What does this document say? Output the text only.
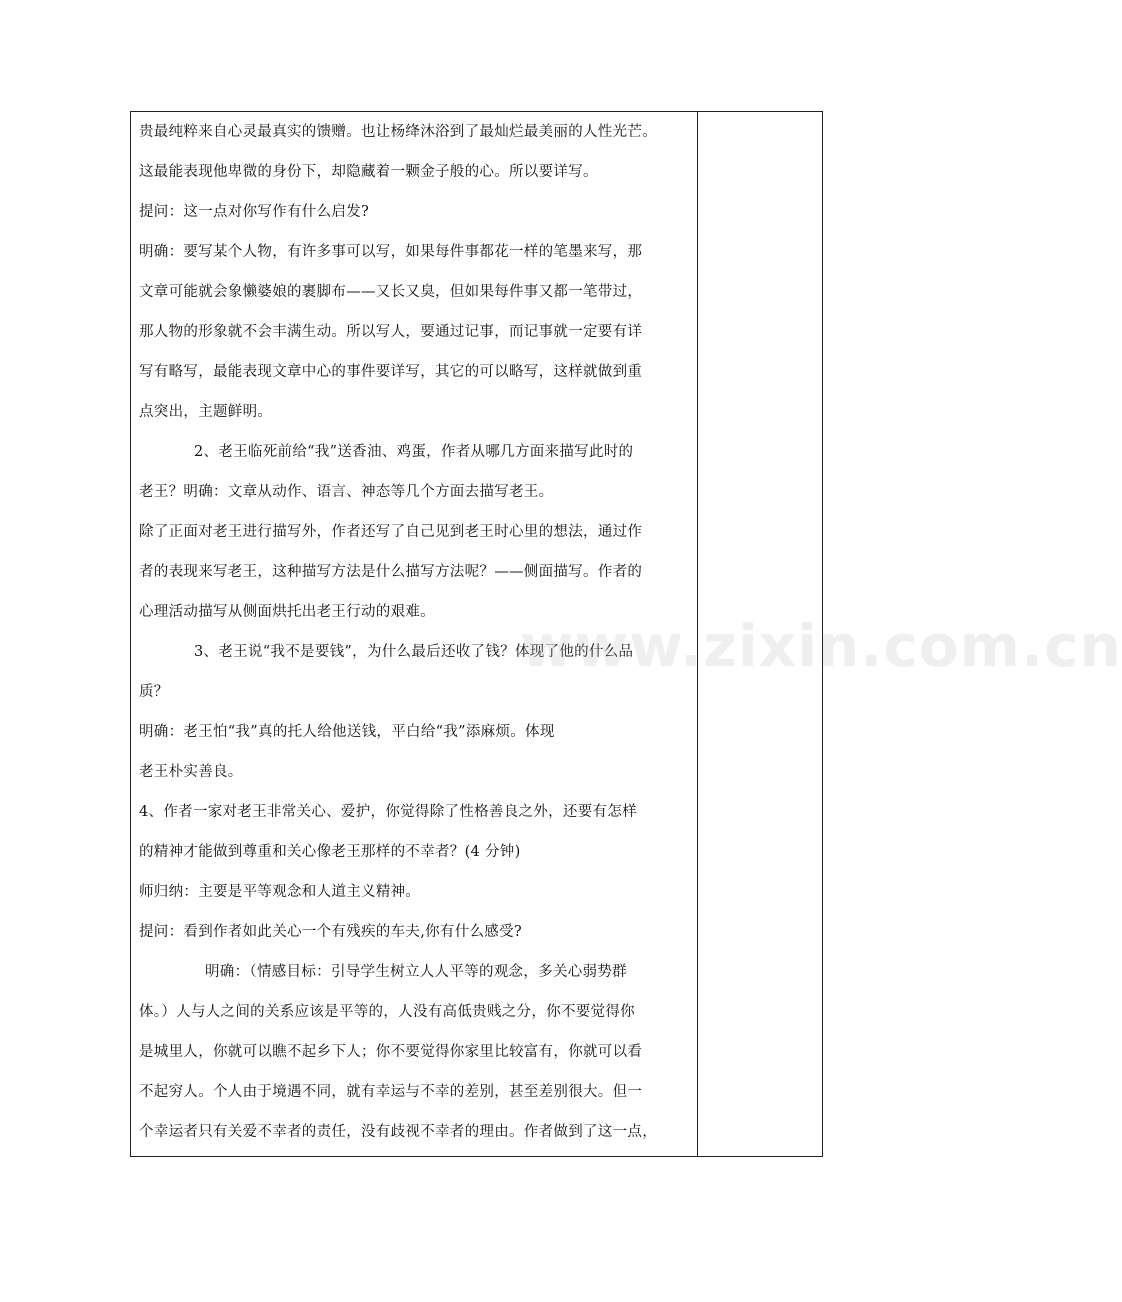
贵最纯粹来自心灵最真实的馈赠。也让杨绛沐浴到了最灿烂最美丽的人性光芒。
这最能表现他卑微的身份下，却隐藏着一颗金子般的心。所以要详写。
提问：这一点对你写作有什么启发?
明确：要写某个人物，有许多事可以写，如果每件事都花一样的笔墨来写，那
文章可能就会象懒婆娘的裹脚布——又长又臭，但如果每件事又都一笔带过，
那人物的形象就不会丰满生动。所以写人，要通过记事，而记事就一定要有详
写有略写，最能表现文章中心的事件要详写，其它的可以略写，这样就做到重
点突出，主题鲜明。
2、老王临死前给“我”送香油、鸡蛋，作者从哪几方面来描写此时的
老王？明确：文章从动作、语言、神态等几个方面去描写老王。
除了正面对老王进行描写外，作者还写了自己见到老王时心里的想法，通过作
者的表现来写老王，这种描写方法是什么描写方法呢？——侧面描写。作者的
心理活动描写从侧面烘托出老王行动的艰难。
3、老王说“我不是要钱”，为什么最后还收了钱？体现了他的什么品
质？
明确：老王怕“我”真的托人给他送钱，平白给“我”添麻烦。体现
老王朴实善良。
4、作者一家对老王非常关心、爱护，你觉得除了性格善良之外，还要有怎样
的精神才能做到尊重和关心像老王那样的不幸者？(4 分钟)
师归纳：主要是平等观念和人道主义精神。
提问：看到作者如此关心一个有残疾的车夫,你有什么感受?
明确：（情感目标：引导学生树立人人平等的观念，多关心弱势群
体。）人与人之间的关系应该是平等的，人没有高低贵贱之分，你不要觉得你
是城里人，你就可以瞧不起乡下人；你不要觉得你家里比较富有，你就可以看
不起穷人。个人由于境遇不同，就有幸运与不幸的差别，甚至差别很大。但一
个幸运者只有关爱不幸者的责任，没有歧视不幸者的理由。作者做到了这一点，
www.zixin.com.cn
